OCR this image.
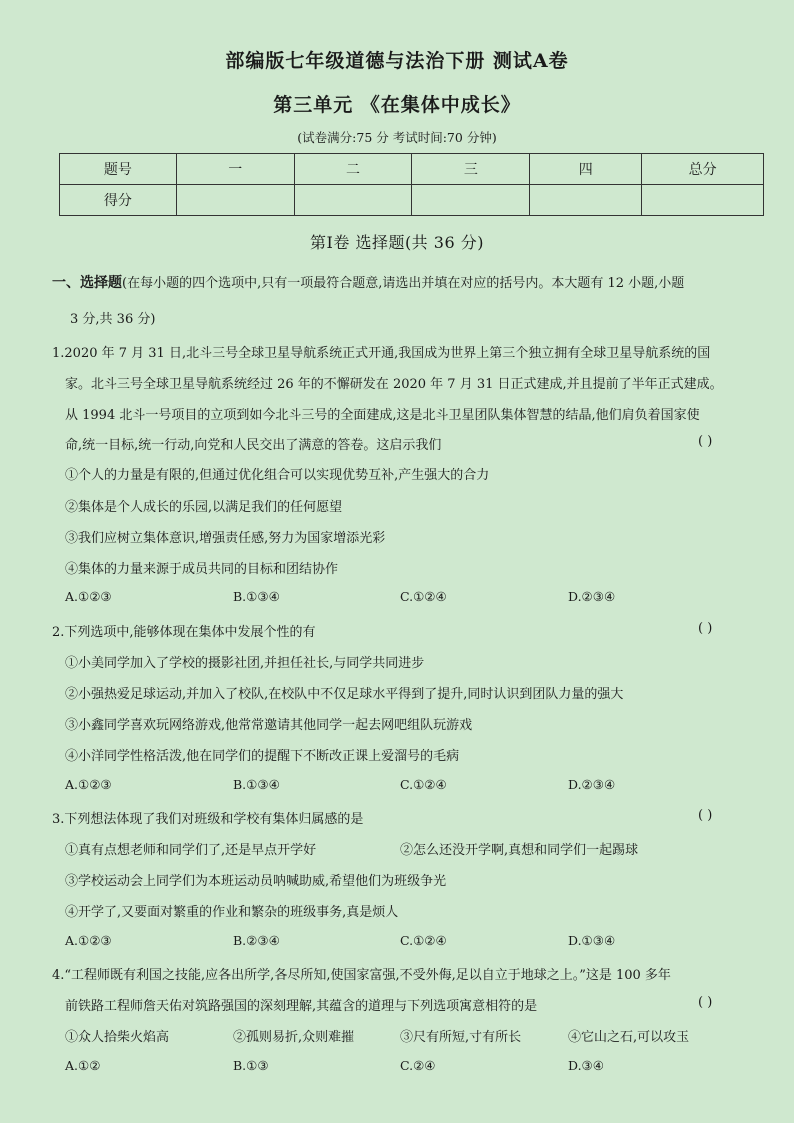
部编版七年级道德与法治下册 测试A卷
第三单元 《在集体中成长》
(试卷满分:75 分 考试时间:70 分钟)
题号	一	二	三	四	总分
得分					
第Ⅰ卷 选择题(共 36 分)
一、选择题(在每小题的四个选项中,只有一项最符合题意,请选出并填在对应的括号内。本大题有 12 小题,小题
3 分,共 36 分)
1.2020 年 7 月 31 日,北斗三号全球卫星导航系统正式开通,我国成为世界上第三个独立拥有全球卫星导航系统的国
家。北斗三号全球卫星导航系统经过 26 年的不懈研发在 2020 年 7 月 31 日正式建成,并且提前了半年正式建成。
从 1994 北斗一号项目的立项到如今北斗三号的全面建成,这是北斗卫星团队集体智慧的结晶,他们肩负着国家使
命,统一目标,统一行动,向党和人民交出了满意的答卷。这启示我们	( )
①个人的力量是有限的,但通过优化组合可以实现优势互补,产生强大的合力
②集体是个人成长的乐园,以满足我们的任何愿望
③我们应树立集体意识,增强责任感,努力为国家增添光彩
④集体的力量来源于成员共同的目标和团结协作
A.①②③	B.①③④	C.①②④	D.②③④
2.下列选项中,能够体现在集体中发展个性的有	( )
①小美同学加入了学校的摄影社团,并担任社长,与同学共同进步
②小强热爱足球运动,并加入了校队,在校队中不仅足球水平得到了提升,同时认识到团队力量的强大
③小鑫同学喜欢玩网络游戏,他常常邀请其他同学一起去网吧组队玩游戏
④小洋同学性格活泼,他在同学们的提醒下不断改正课上爱溜号的毛病
A.①②③	B.①③④	C.①②④	D.②③④
3.下列想法体现了我们对班级和学校有集体归属感的是	( )
①真有点想老师和同学们了,还是早点开学好	②怎么还没开学啊,真想和同学们一起踢球
③学校运动会上同学们为本班运动员呐喊助威,希望他们为班级争光
④开学了,又要面对繁重的作业和繁杂的班级事务,真是烦人
A.①②③	B.②③④	C.①②④	D.①③④
4.“工程师既有利国之技能,应各出所学,各尽所知,使国家富强,不受外侮,足以自立于地球之上。”这是 100 多年
前铁路工程师詹天佑对筑路强国的深刻理解,其蕴含的道理与下列选项寓意相符的是	( )
①众人拾柴火焰高	②孤则易折,众则难摧	③尺有所短,寸有所长	④它山之石,可以攻玉
A.①②	B.①③	C.②④	D.③④
